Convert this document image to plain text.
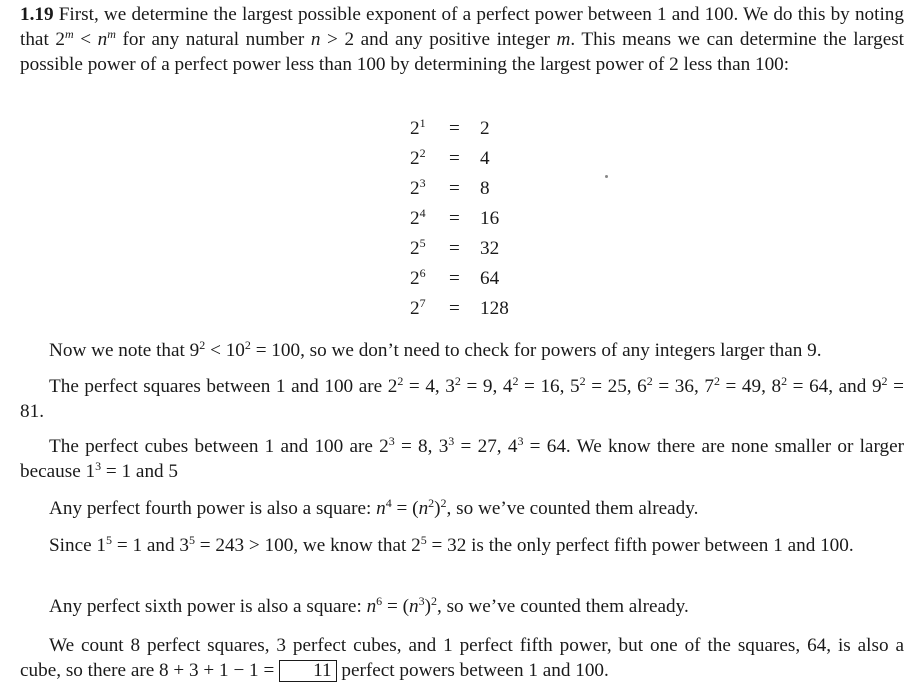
1.19 First, we determine the largest possible exponent of a perfect power between 1 and 100. We do this by noting that $2^m < n^m$ for any natural number n > 2 and any positive integer m. This means we can determine the largest possible power of a perfect power less than 100 by determining the largest power of 2 less than 100:

$2^1 = 2$
$2^2 = 4$
$2^3 = 8$
$2^4 = 16$
$2^5 = 32$
$2^6 = 64$
$2^7 = 128$

Now we note that $9^2 < 10^2 = 100$, so we don’t need to check for powers of any integers larger than 9.

The perfect squares between 1 and 100 are $2^2 = 4$, $3^2 = 9$, $4^2 = 16$, $5^2 = 25$, $6^2 = 36$, $7^2 = 49$, $8^2 = 64$, and $9^2 = 81$.

The perfect cubes between 1 and 100 are $2^3 = 8$, $3^3 = 27$, $4^3 = 64$. We know there are none smaller or larger because $1^3 = 1$ and 5

Any perfect fourth power is also a square: $n^4 = (n^2)^2$, so we’ve counted them already.

Since $1^5 = 1$ and $3^5 = 243 > 100$, we know that $2^5 = 32$ is the only perfect fifth power between 1 and 100.

Any perfect sixth power is also a square: $n^6 = (n^3)^2$, so we’ve counted them already.

We count 8 perfect squares, 3 perfect cubes, and 1 perfect fifth power, but one of the squares, 64, is also a cube, so there are 8 + 3 + 1 − 1 = 11 perfect powers between 1 and 100.
